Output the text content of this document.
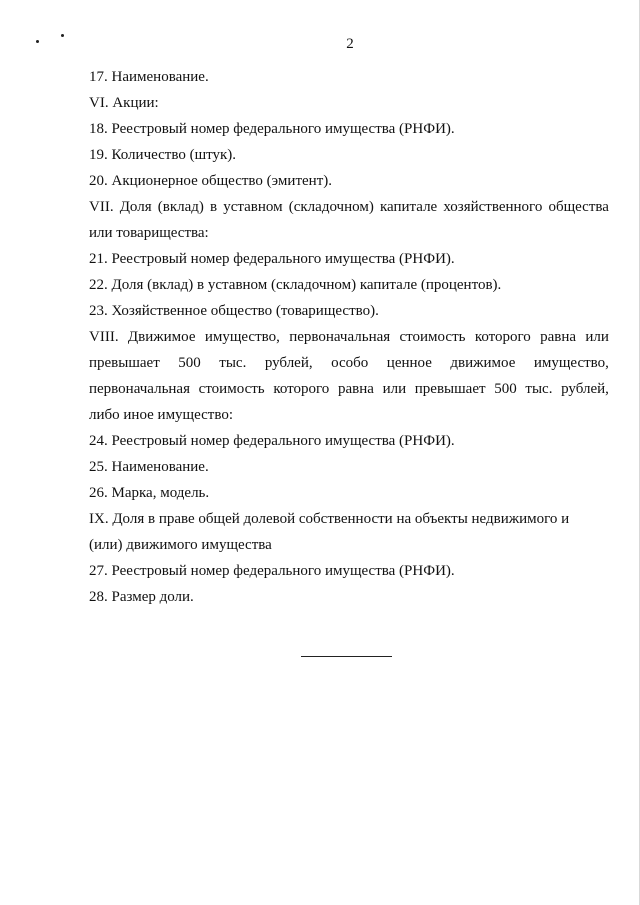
2
17. Наименование.
VI. Акции:
18. Реестровый номер федерального имущества (РНФИ).
19. Количество (штук).
20. Акционерное общество (эмитент).
VII. Доля (вклад) в уставном (складочном) капитале хозяйственного общества
или товарищества:
21. Реестровый номер федерального имущества (РНФИ).
22. Доля (вклад) в уставном (складочном) капитале (процентов).
23. Хозяйственное общество (товарищество).
VIII. Движимое имущество, первоначальная стоимость которого равна или
превышает 500 тыс. рублей, особо ценное движимое имущество,
первоначальная стоимость которого равна или превышает 500 тыс. рублей,
либо иное имущество:
24. Реестровый номер федерального имущества (РНФИ).
25. Наименование.
26. Марка, модель.
IX. Доля в праве общей долевой собственности на объекты недвижимого и
(или) движимого имущества
27. Реестровый номер федерального имущества (РНФИ).
28. Размер доли.
